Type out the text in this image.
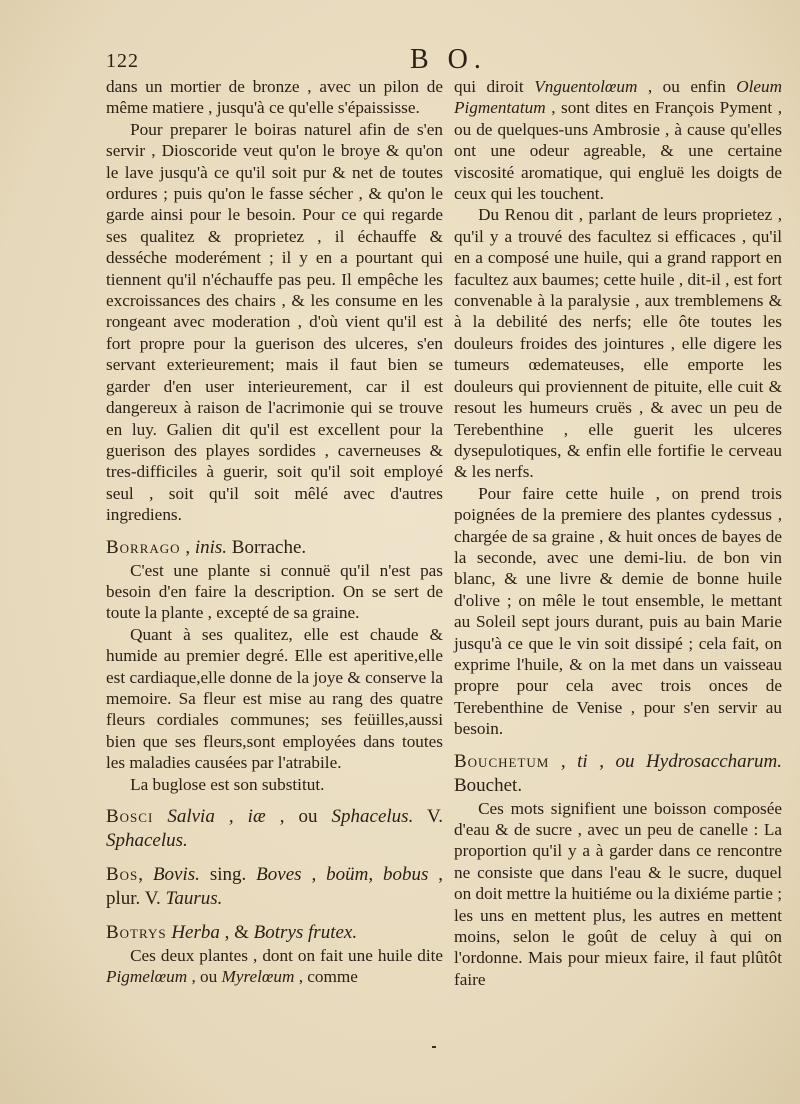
122	B O.

dans un mortier de bronze , avec un pilon de même matiere , jusqu'à ce qu'elle s'épaississe.

Pour preparer le boiras naturel afin de s'en servir , Dioscoride veut qu'on le broye & qu'on le lave jusqu'à ce qu'il soit pur & net de toutes ordures ; puis qu'on le fasse sécher , & qu'on le garde ainsi pour le besoin. Pour ce qui regarde ses qualitez & proprietez , il échauffe & desséche moderément ; il y en a pourtant qui tiennent qu'il n'échauffe pas peu. Il empêche les excroissances des chairs , & les consume en les rongeant avec moderation , d'où vient qu'il est fort propre pour la guerison des ulceres, s'en servant exterieurement; mais il faut bien se garder d'en user interieurement, car il est dangereux à raison de l'acrimonie qui se trouve en luy. Galien dit qu'il est excellent pour la guerison des playes sordides , caverneuses & tres-difficiles à guerir, soit qu'il soit employé seul , soit qu'il soit mêlé avec d'autres ingrediens.

Borrago , inis. Borrache.

C'est une plante si connuë qu'il n'est pas besoin d'en faire la description. On se sert de toute la plante , excepté de sa graine.

Quant à ses qualitez, elle est chaude & humide au premier degré. Elle est aperitive,elle est cardiaque,elle donne de la joye & conserve la memoire. Sa fleur est mise au rang des quatre fleurs cordiales communes; ses feüilles,aussi bien que ses fleurs,sont employées dans toutes les maladies causées par l'atrabile.

La buglose est son substitut.

Bosci Salvia , iæ , ou Sphacelus. V. Sphacelus.

Bos, Bovis. sing. Boves , boüm, bobus , plur. V. Taurus.

Botrys Herba , & Botrys frutex.

Ces deux plantes , dont on fait une huile dite Pigmelœum , ou Myrelœum , comme

qui diroit Vnguentolœum , ou enfin Oleum Pigmentatum , sont dites en François Pyment , ou de quelques-uns Ambrosie , à cause qu'elles ont une odeur agreable, & une certaine viscosité aromatique, qui engluë les doigts de ceux qui les touchent.

Du Renou dit , parlant de leurs proprietez , qu'il y a trouvé des facultez si efficaces , qu'il en a composé une huile, qui a grand rapport en facultez aux baumes; cette huile , dit-il , est fort convenable à la paralysie , aux tremblemens & à la debilité des nerfs; elle ôte toutes les douleurs froides des jointures , elle digere les tumeurs œdemateuses, elle emporte les douleurs qui proviennent de pituite, elle cuit & resout les humeurs cruës , & avec un peu de Terebenthine , elle guerit les ulceres dysepulotiques, & enfin elle fortifie le cerveau & les nerfs.

Pour faire cette huile , on prend trois poignées de la premiere des plantes cydessus , chargée de sa graine , & huit onces de bayes de la seconde, avec une demi-liu. de bon vin blanc, & une livre & demie de bonne huile d'olive ; on mêle le tout ensemble, le mettant au Soleil sept jours durant, puis au bain Marie jusqu'à ce que le vin soit dissipé ; cela fait, on exprime l'huile, & on la met dans un vaisseau propre pour cela avec trois onces de Terebenthine de Venise , pour s'en servir au besoin.

Bouchetum , ti , ou Hydrosaccharum. Bouchet.

Ces mots signifient une boisson composée d'eau & de sucre , avec un peu de canelle : La proportion qu'il y a à garder dans ce rencontre ne consiste que dans l'eau & le sucre, duquel on doit mettre la huitiéme ou la dixiéme partie ; les uns en mettent plus, les autres en mettent moins, selon le goût de celuy à qui on l'ordonne. Mais pour mieux faire, il faut plûtôt faire
